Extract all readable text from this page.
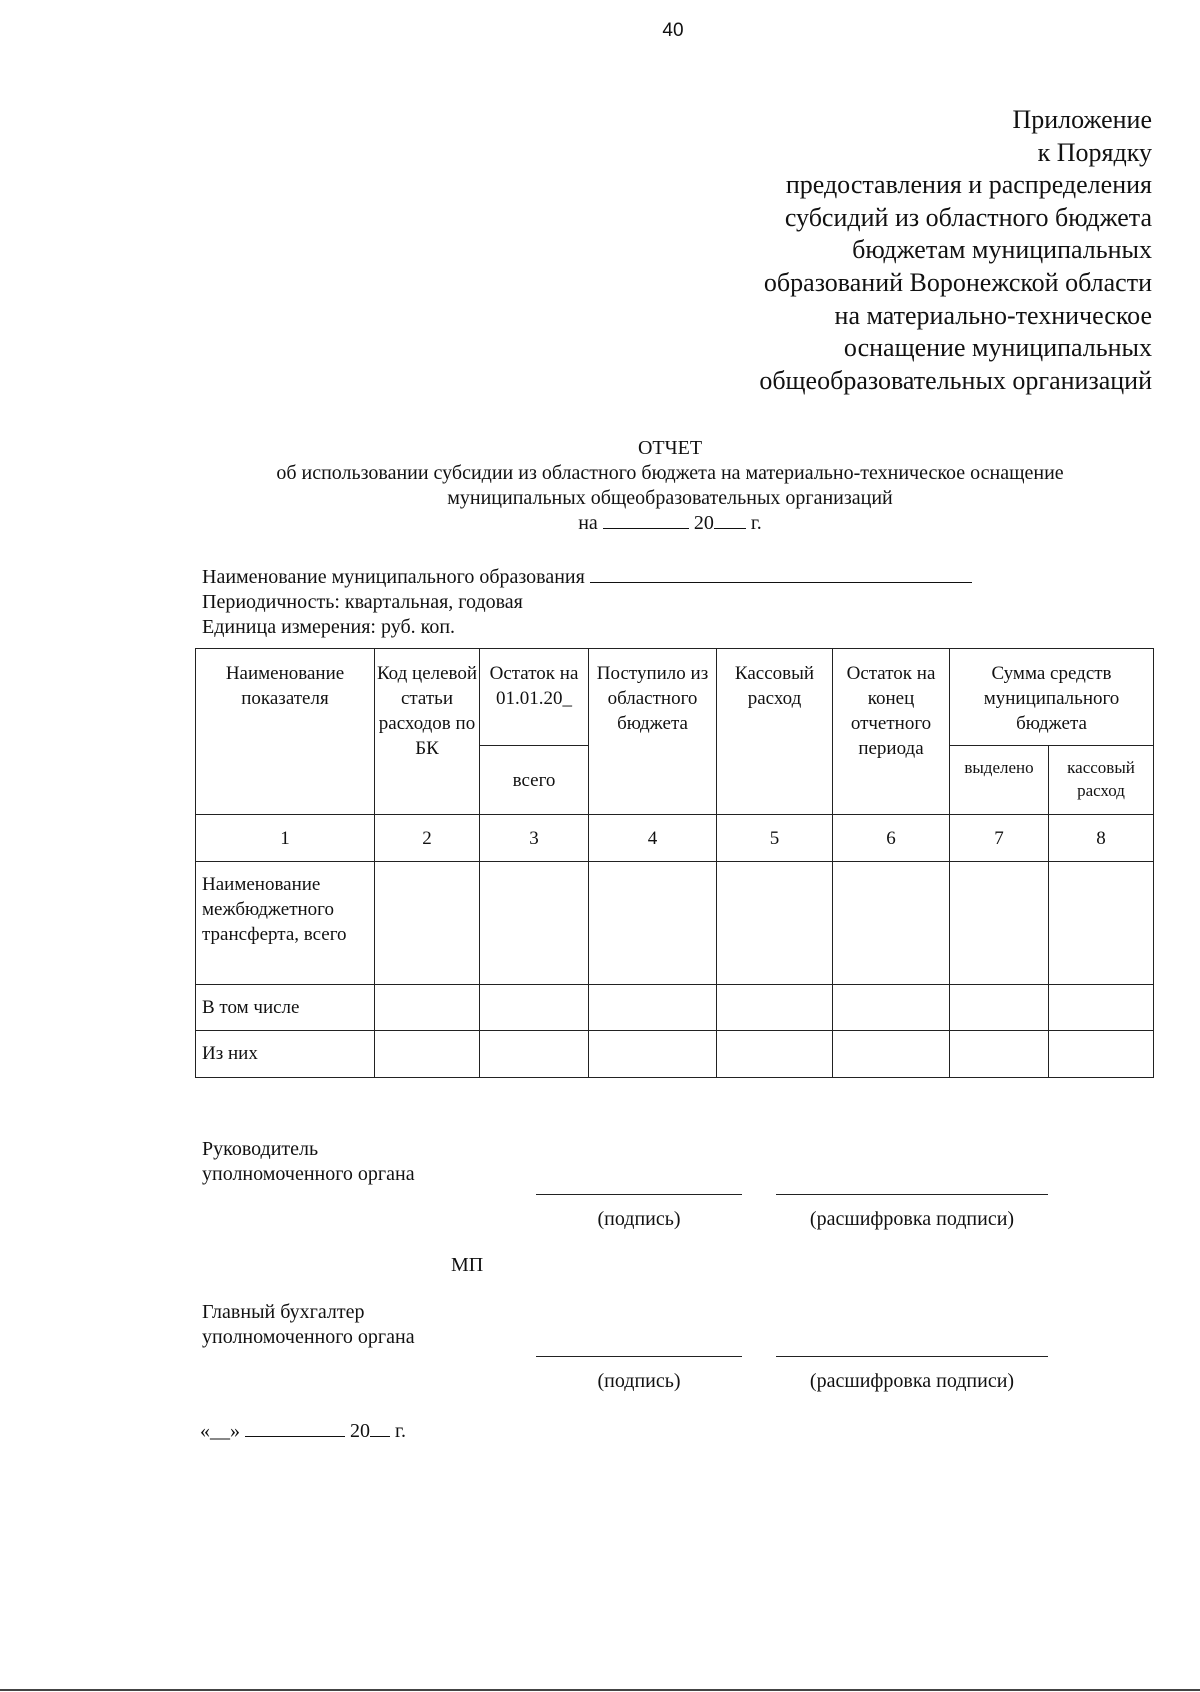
40
Приложение
к Порядку
предоставления и распределения
субсидий из областного бюджета
бюджетам муниципальных
образований Воронежской области
на материально-техническое
оснащение муниципальных
общеобразовательных организаций
ОТЧЕТ
об использовании субсидии из областного бюджета на материально-техническое оснащение
муниципальных общеобразовательных организаций
на	20 г.
Наименование муниципального образования
Периодичность: квартальная, годовая
Единица измерения: руб. коп.
Наименование показателя	Код целевой статьи расходов по БК	Остаток на 01.01.20_	Поступило из областного бюджета	Кассовый расход	Остаток на конец отчетного периода	Сумма средств муниципального бюджета	
		всего				выделено	кассовый расход
1	2	3	4	5	6	7	8
Наименование межбюджетного трансферта, всего							
В том числе							
Из них							
Руководитель
уполномоченного органа
(подпись)	(расшифровка подписи)
МП
Главный бухгалтер
уполномоченного органа
(подпись)	(расшифровка подписи)
«__»	20 г.
